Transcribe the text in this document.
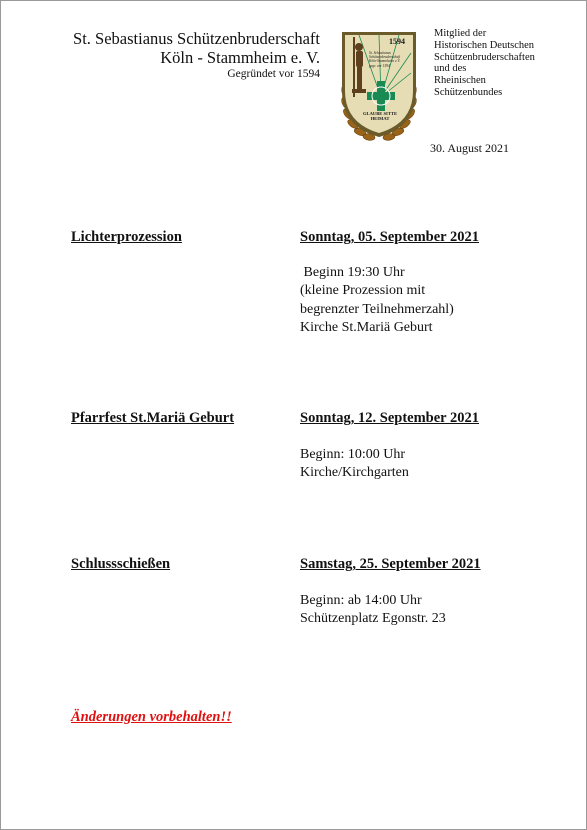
St. Sebastianus Schützenbruderschaft
Köln - Stammheim e. V.
Gegründet vor 1594
1594
St. Sebastianus
Schützenbruderschaft
Köln-Stammheim e.V.
gegr. vor 1594
GLAUBE SITTE HEIMAT
Mitglied der
Historischen Deutschen
Schützenbruderschaften
und des
Rheinischen
Schützenbundes
30. August 2021
Lichterprozession	Sonntag, 05. September 2021
Beginn 19:30 Uhr
(kleine Prozession mit
begrenzter Teilnehmerzahl)
Kirche St.Mariä Geburt
Pfarrfest St.Mariä Geburt	Sonntag, 12. September 2021
Beginn: 10:00 Uhr
Kirche/Kirchgarten
Schlussschießen	Samstag, 25. September 2021
Beginn: ab 14:00 Uhr
Schützenplatz Egonstr. 23
Änderungen vorbehalten!!
